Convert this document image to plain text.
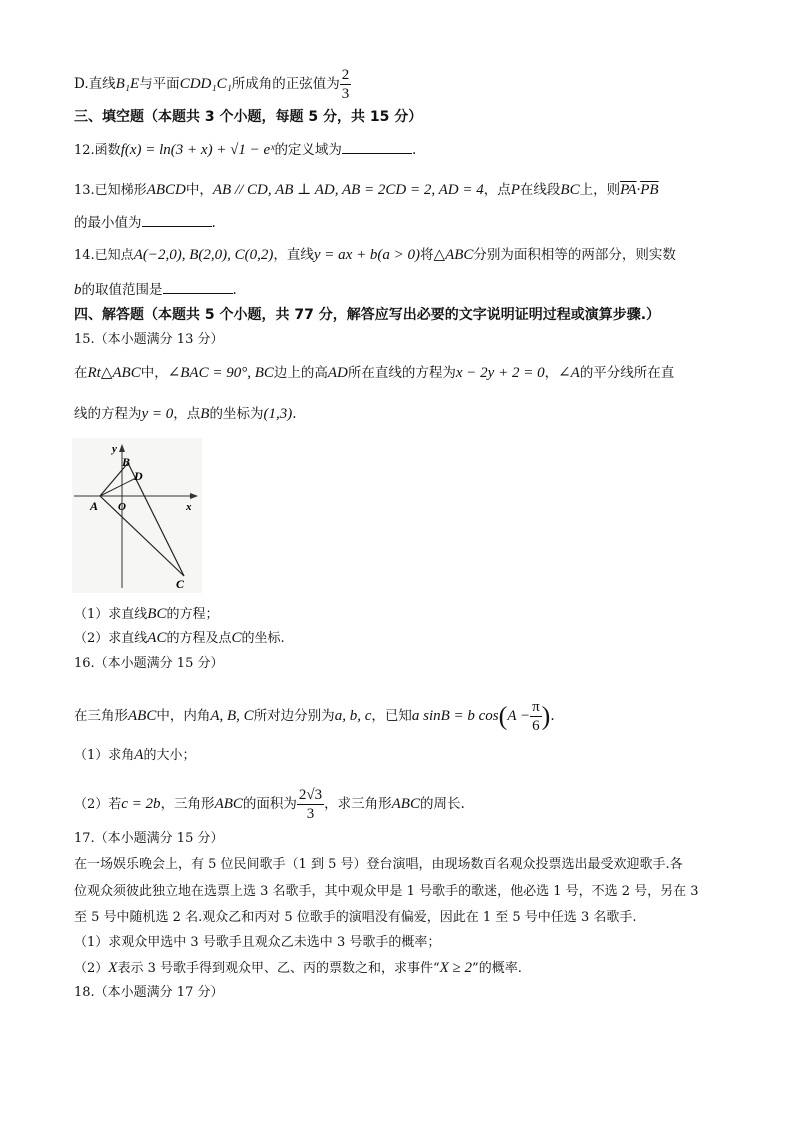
D.直线B₁E与平面CDD₁C₁所成角的正弦值为 $\frac{2}{3}$
三、填空题（本题共 3 个小题，每题 5 分，共 15 分）
12.函数f(x) = ln(3 + x) + √1 − eˣ的定义域为	.
13.已知梯形ABCD中，AB // CD, AB ⊥ AD, AB = 2CD = 2, AD = 4，点P在线段BC上，则$\overline{PA}\cdot\overline{PB}$
的最小值为	.
14.已知点A(−2,0), B(2,0), C(0,2)，直线y = ax + b(a > 0)将△ABC分别为面积相等的两部分，则实数
b的取值范围是	.
四、解答题（本题共 5 个小题，共 77 分，解答应写出必要的文字说明证明过程或演算步骤.）
15.（本小题满分 13 分）
在Rt△ABC中，∠BAC = 90°, BC边上的高AD所在直线的方程为x − 2y + 2 = 0，∠A的平分线所在直
线的方程为y = 0，点B的坐标为(1,3).
y
x
A O
B
D
C
（1）求直线BC的方程；
（2）求直线AC的方程及点C的坐标.
16.（本小题满分 15 分）
在三角形ABC中，内角A, B, C所对边分别为a, b, c，已知a sinB = b $\cos(A - \frac{\pi}{6}$ ).
（1）求角A的大小；
（2）若c = 2b，三角形ABC的面积为 $\frac{2√3}{3}$ ，求三角形ABC的周长.
17.（本小题满分 15 分）
在一场娱乐晚会上，有 5 位民间歌手（1 到 5 号）登台演唱，由现场数百名观众投票选出最受欢迎歌手.各
位观众须彼此独立地在选票上选 3 名歌手，其中观众甲是 1 号歌手的歌迷，他必选 1 号，不选 2 号，另在 3
至 5 号中随机选 2 名.观众乙和丙对 5 位歌手的演唱没有偏爱，因此在 1 至 5 号中任选 3 名歌手.
（1）求观众甲选中 3 号歌手且观众乙未选中 3 号歌手的概率；
（2）X表示 3 号歌手得到观众甲、乙、丙的票数之和，求事件“X ≥ 2”的概率.
18.（本小题满分 17 分）
